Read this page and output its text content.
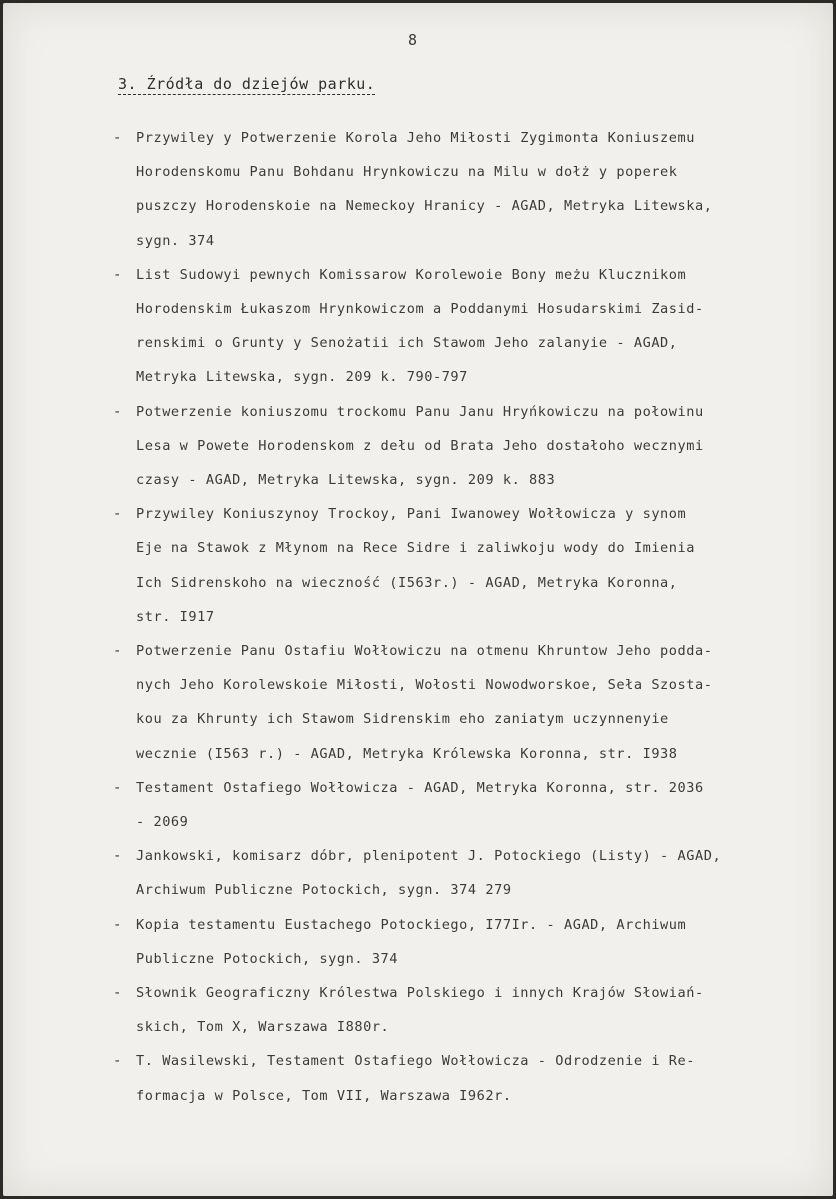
8
3. Źródła do dziejów parku.
- Przywiley y Potwerzenie Korola Jeho Miłosti Zygimonta Koniuszemu
Horodenskomu Panu Bohdanu Hrynkowiczu na Milu w dołż y poperek
puszczy Horodenskoie na Nemeckoy Hranicy - AGAD, Metryka Litewska,
sygn. 374
- List Sudowyi pewnych Komissarow Korolewoie Bony meżu Klucznikom
Horodenskim Łukaszom Hrynkowiczom a Poddanymi Hosudarskimi Zasid-
renskimi o Grunty y Senożatii ich Stawom Jeho zalanyie - AGAD,
Metryka Litewska, sygn. 209 k. 790-797
- Potwerzenie koniuszomu trockomu Panu Janu Hryńkowiczu na połowinu
Lesa w Powete Horodenskom z dełu od Brata Jeho dostałoho wecznymi
czasy - AGAD, Metryka Litewska, sygn. 209 k. 883
- Przywiley Koniuszynoy Trockoy, Pani Iwanowey Wołłowicza y synom
Eje na Stawok z Młynom na Rece Sidre i zaliwkoju wody do Imienia
Ich Sidrenskoho na wieczność (I563r.) - AGAD, Metryka Koronna,
str. I917
- Potwerzenie Panu Ostafiu Wołłowiczu na otmenu Khruntow Jeho podda-
nych Jeho Korolewskoie Miłosti, Wołosti Nowodworskoe, Seła Szosta-
kou za Khrunty ich Stawom Sidrenskim eho zaniatym uczynnenyie
wecznie (I563 r.) - AGAD, Metryka Królewska Koronna, str. I938
- Testament Ostafiego Wołłowicza - AGAD, Metryka Koronna, str. 2036
- 2069
- Jankowski, komisarz dóbr, plenipotent J. Potockiego (Listy) - AGAD,
Archiwum Publiczne Potockich, sygn. 374 279
- Kopia testamentu Eustachego Potockiego, I77Ir. - AGAD, Archiwum
Publiczne Potockich, sygn. 374
- Słownik Geograficzny Królestwa Polskiego i innych Krajów Słowiań-
skich, Tom X, Warszawa I880r.
- T. Wasilewski, Testament Ostafiego Wołłowicza - Odrodzenie i Re-
formacja w Polsce, Tom VII, Warszawa I962r.
